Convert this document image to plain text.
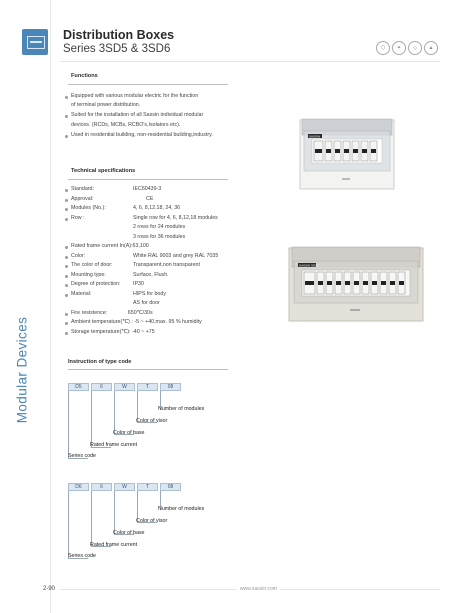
Modular Devices
Distribution Boxes
Series 3SD5 & 3SD6	⬡	✦	◇	▲
Functions
Equipped with various modular electric for the function
of terminal power distribution.
Suited for the installation of all Sassin individual modular
devices. (RCDs, MCBs, RCBO's,Isolators etc).
Used in residential building, non-residential building,industry.
Technical specifications
Standard:	IEC60439-3
Approval:	CE
Modules (No.):	4, 6, 8,12,18, 24, 36
Row :	Single row for 4, 6, 8,12,18 modules
2 rows for 24 modules
3 rows for 36 modules
Rated frame current In(A):63,100
Color:	White RAL 9003 and grey RAL 7035
The color of door:	Transparent,non transparent
Mounting type:	Surface, Flush.
Degree of protection: IP30
Material:	HIPS for body
AS for door
Fire resistence:              650℃/30s
Ambient temperature(℃) : -5 ~ +40,max. 95 % humidity
Storage temperature(℃): -40 ~ +75
SASSIN
SASSIN 3SD6
Instruction of type code
D5	6	W	T	08
Number of modules
Color of visor
Color of base
Rated frame current
Series code
D6	6	W	T	08
Number of modules
Color of visor
Color of base
Rated frame current
Series code
2-90	www.sassin.com
